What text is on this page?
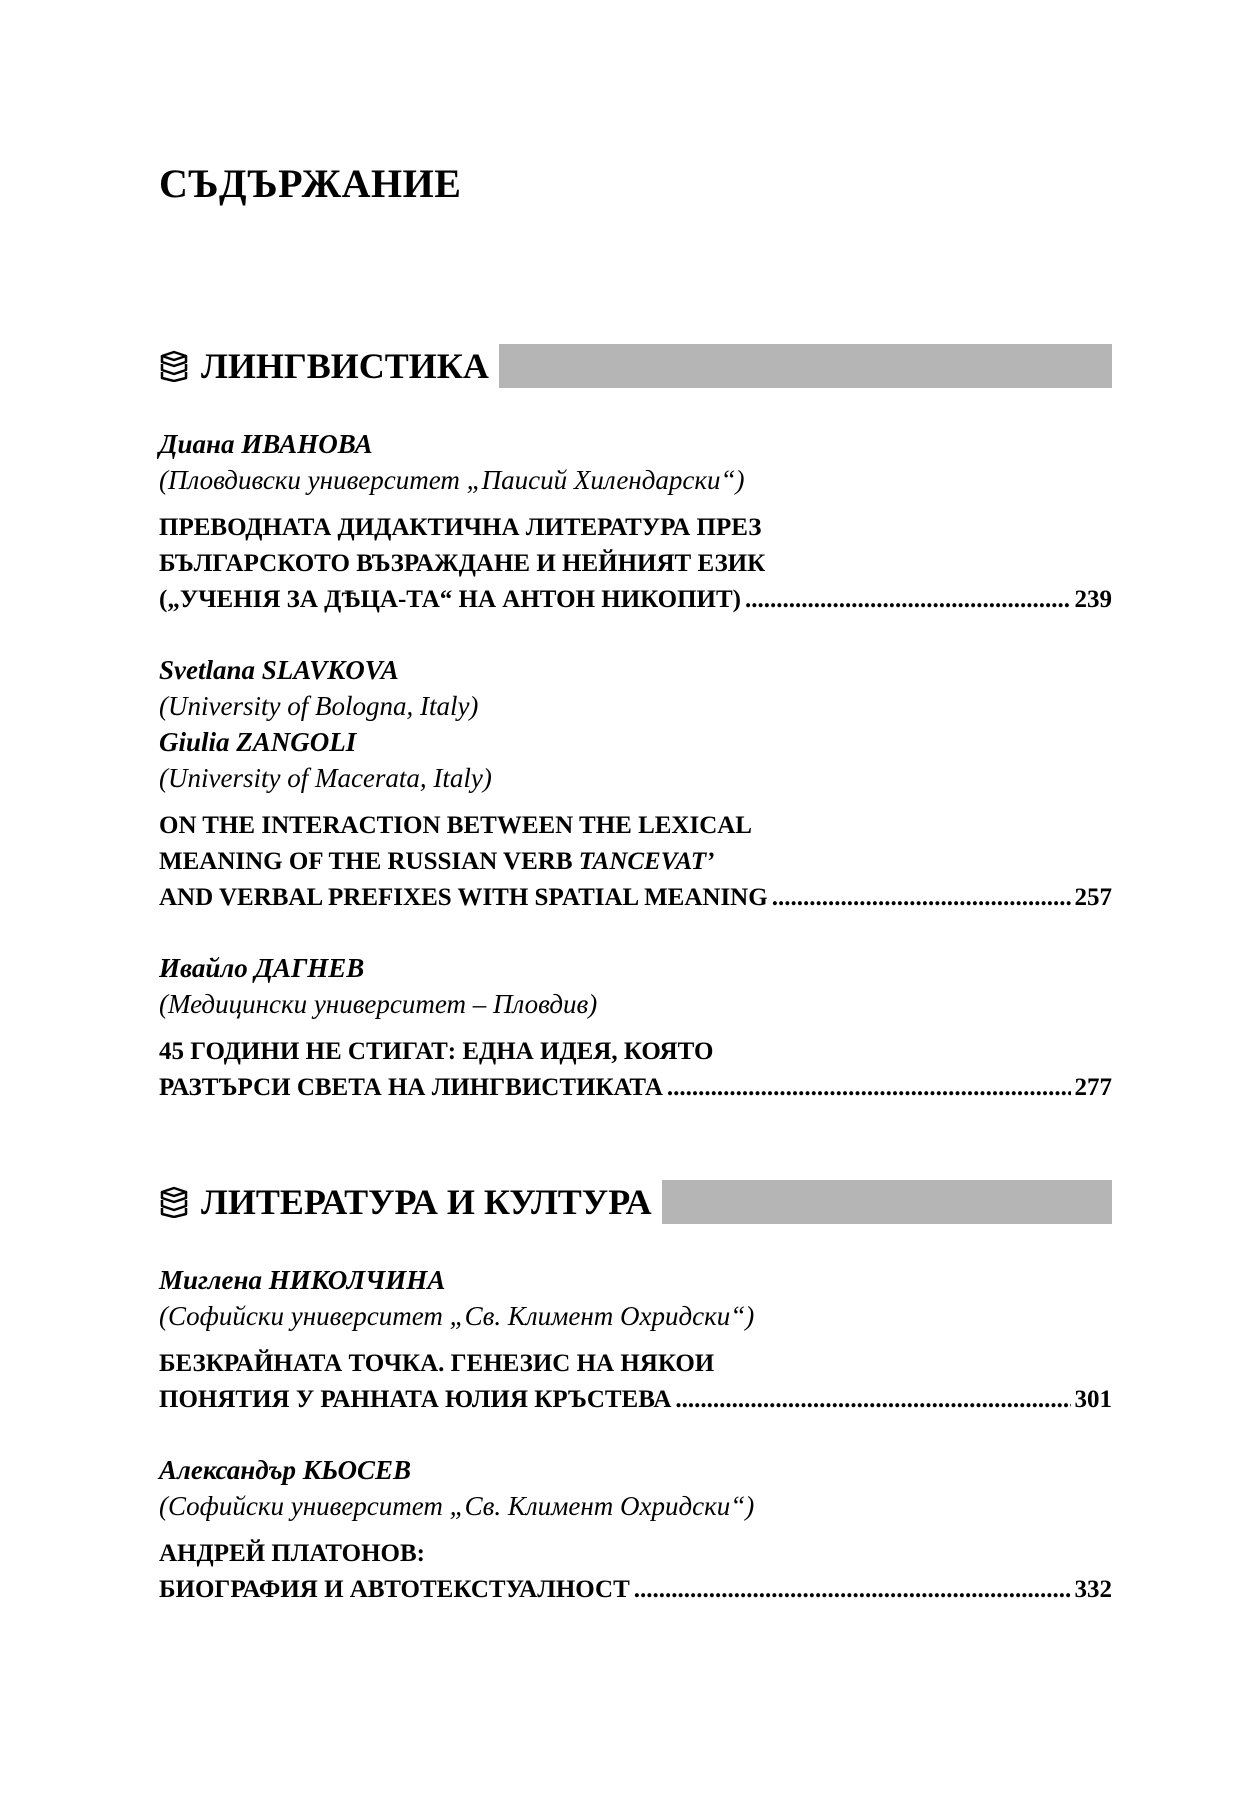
СЪДЪРЖАНИЕ
ЛИНГВИСТИКА
Диана ИВАНОВА
(Пловдивски университет „Паисий Хилендарски“)
ПРЕВОДНАТА ДИДАКТИЧНА ЛИТЕРАТУРА ПРЕЗ
БЪЛГАРСКОТО ВЪЗРАЖДАНЕ И НЕЙНИЯТ ЕЗИК
(„УЧЕНІЯ ЗА ДѢЦА-ТА“ НА АНТОН НИКОПИТ) .....	239
Svetlana SLAVKOVA
(University of Bologna, Italy)
Giulia ZANGOLI
(University of Macerata, Italy)
ON THE INTERACTION BETWEEN THE LEXICAL
MEANING OF THE RUSSIAN VERB TANCEVAT’
AND VERBAL PREFIXES WITH SPATIAL MEANING .....	257
Ивайло ДАГНЕВ
(Медицински университет – Пловдив)
45 ГОДИНИ НЕ СТИГАТ: ЕДНА ИДЕЯ, КОЯТО
РАЗТЪРСИ СВЕТА НА ЛИНГВИСТИКАТА .....	277
ЛИТЕРАТУРА И КУЛТУРА
Миглена НИКОЛЧИНА
(Софийски университет „Св. Климент Охридски“)
БЕЗКРАЙНАТА ТОЧКА. ГЕНЕЗИС НА НЯКОИ
ПОНЯТИЯ У РАННАТА ЮЛИЯ КРЪСТЕВА .....	301
Александър КЬОСЕВ
(Софийски университет „Св. Климент Охридски“)
АНДРЕЙ ПЛАТОНОВ:
БИОГРАФИЯ И АВТОТЕКСТУАЛНОСТ .....	332
